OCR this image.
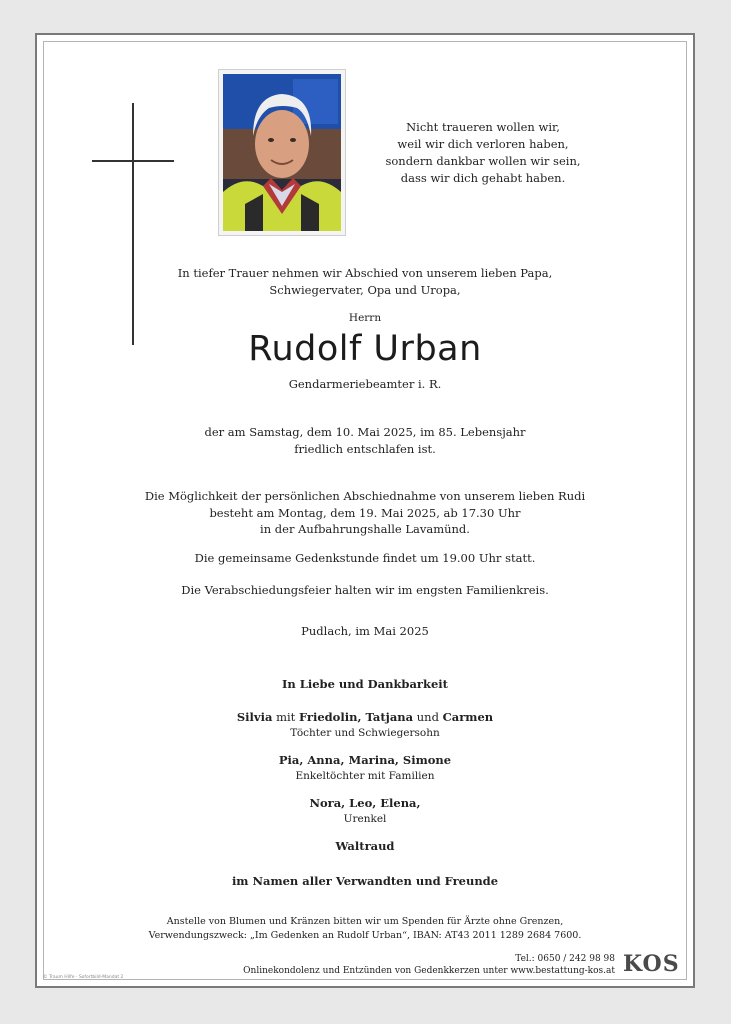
Nicht traueren wollen wir,
weil wir dich verloren haben,
sondern dankbar wollen wir sein,
dass wir dich gehabt haben.
In tiefer Trauer nehmen wir Abschied von unserem lieben Papa,
Schwiegervater, Opa und Uropa,
Herrn
Rudolf Urban
Gendarmeriebeamter i. R.
der am Samstag, dem 10. Mai 2025, im 85. Lebensjahr
friedlich entschlafen ist.
Die Möglichkeit der persönlichen Abschiednahme von unserem lieben Rudi
besteht am Montag, dem 19. Mai 2025, ab 17.30 Uhr
in der Aufbahrungshalle Lavamünd.
Die gemeinsame Gedenkstunde findet um 19.00 Uhr statt.
Die Verabschiedungsfeier halten wir im engsten Familienkreis.
Pudlach, im Mai 2025
In Liebe und Dankbarkeit
Silvia mit Friedolin, Tatjana und Carmen
Töchter und Schwiegersohn
Pia, Anna, Marina, Simone
Enkeltöchter mit Familien
Nora, Leo, Elena,
Urenkel
Waltraud
im Namen aller Verwandten und Freunde
Anstelle von Blumen und Kränzen bitten wir um Spenden für Ärzte ohne Grenzen,
Verwendungszweck: „Im Gedenken an Rudolf Urban“, IBAN: AT43 2011 1289 2684 7600.
Tel.: 0650 / 242 98 98
Onlinekondolenz und Entzünden von Gedenkkerzen unter www.bestattung-kos.at KOS
© Traum Hilfe · Sofortbild-Mandat 2
